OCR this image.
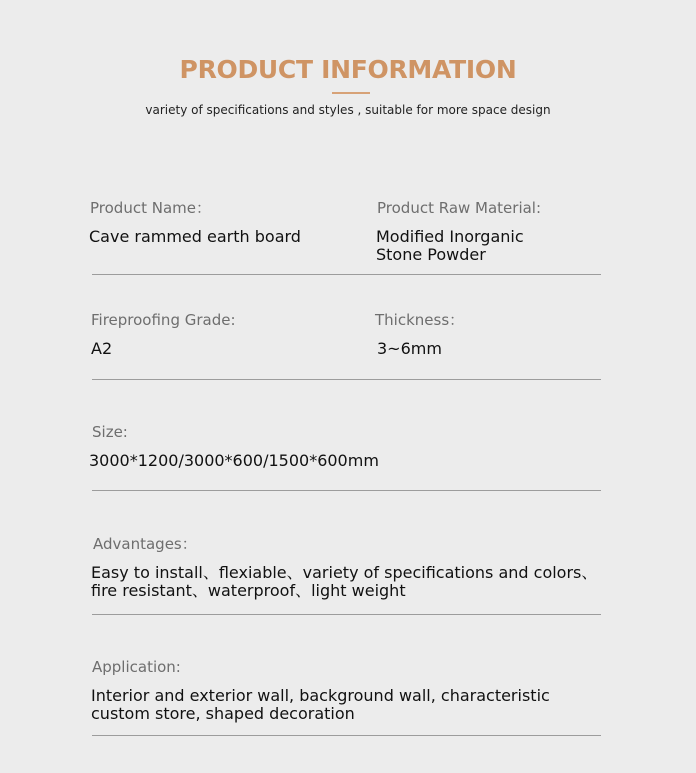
PRODUCT INFORMATION
variety of specifications and styles , suitable for more space design
Product Name：
Cave rammed earth board
Product Raw Material:
Modified Inorganic
Stone Powder
Fireproofing Grade:
A2
Thickness：
3~6mm
Size:
3000*1200/3000*600/1500*600mm
Advantages：
Easy to install、flexiable、variety of specifications and colors、
fire resistant、waterproof、light weight
Application:
Interior and exterior wall, background wall, characteristic
custom store, shaped decoration
